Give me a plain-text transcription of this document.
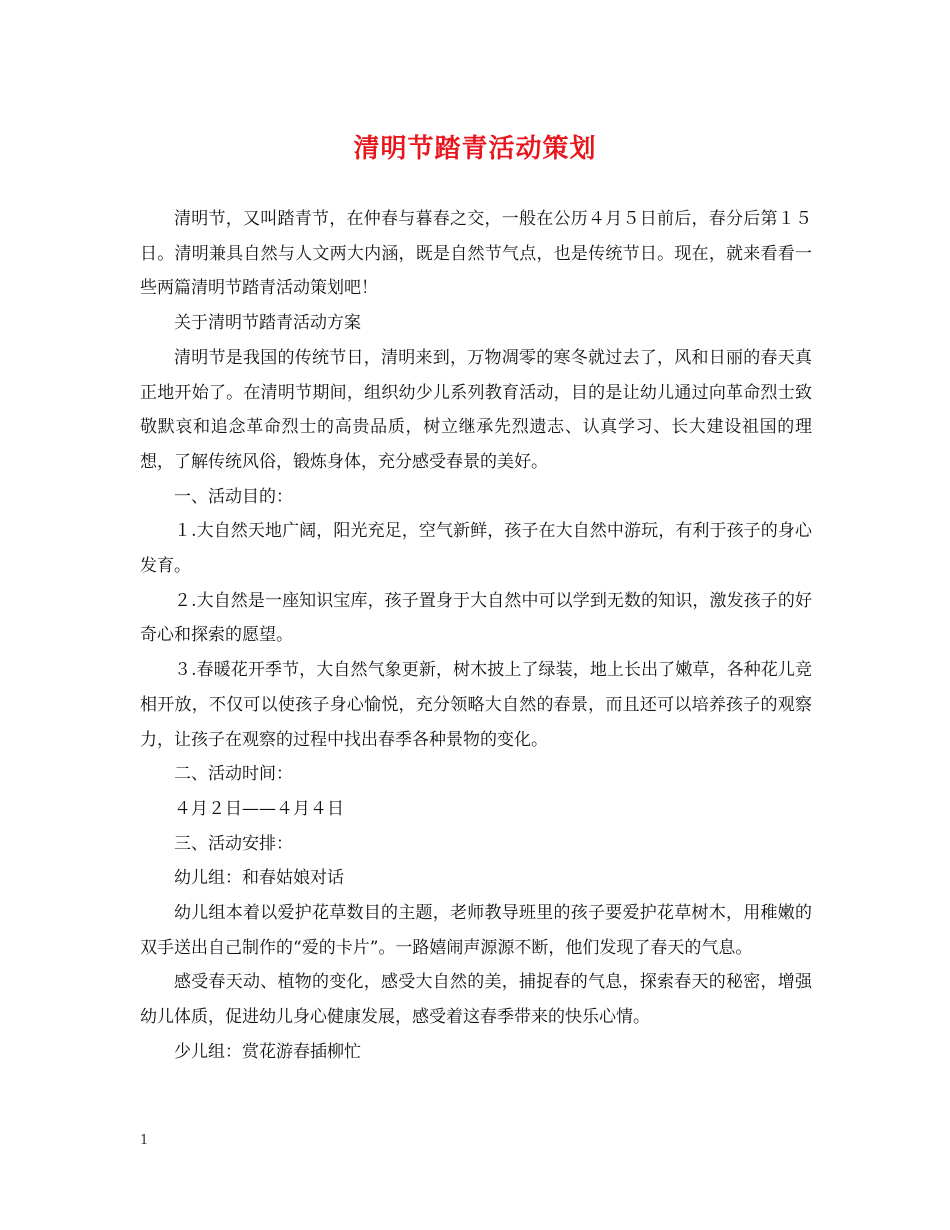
清明节踏青活动策划

清明节，又叫踏青节，在仲春与暮春之交，一般在公历４月５日前后，春分后第１５日。清明兼具自然与人文两大内涵，既是自然节气点，也是传统节日。现在，就来看看一些两篇清明节踏青活动策划吧！

关于清明节踏青活动方案

清明节是我国的传统节日，清明来到，万物凋零的寒冬就过去了，风和日丽的春天真正地开始了。在清明节期间，组织幼少儿系列教育活动，目的是让幼儿通过向革命烈士致敬默哀和追念革命烈士的高贵品质，树立继承先烈遗志、认真学习、长大建设祖国的理想，了解传统风俗，锻炼身体，充分感受春景的美好。

一、活动目的：

１.大自然天地广阔，阳光充足，空气新鲜，孩子在大自然中游玩，有利于孩子的身心发育。

２.大自然是一座知识宝库，孩子置身于大自然中可以学到无数的知识，激发孩子的好奇心和探索的愿望。

３.春暖花开季节，大自然气象更新，树木披上了绿装，地上长出了嫩草，各种花儿竞相开放，不仅可以使孩子身心愉悦，充分领略大自然的春景，而且还可以培养孩子的观察力，让孩子在观察的过程中找出春季各种景物的变化。

二、活动时间：

４月２日——４月４日

三、活动安排：

幼儿组：和春姑娘对话

幼儿组本着以爱护花草数目的主题，老师教导班里的孩子要爱护花草树木，用稚嫩的双手送出自己制作的“爱的卡片”。一路嬉闹声源源不断，他们发现了春天的气息。

感受春天动、植物的变化，感受大自然的美，捕捉春的气息，探索春天的秘密，增强幼儿体质，促进幼儿身心健康发展，感受着这春季带来的快乐心情。

少儿组：赏花游春插柳忙

1
